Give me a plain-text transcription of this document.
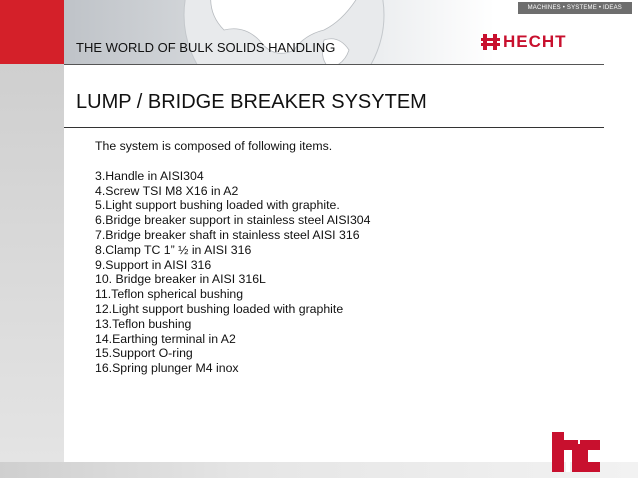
MACHINES • SYSTEME • IDEAS
THE WORLD OF BULK SOLIDS HANDLING	HECHT
LUMP / BRIDGE BREAKER SYSYTEM

The system is composed of following items.

3.Handle in AISI304
4.Screw TSI M8 X16 in A2
5.Light support bushing loaded with graphite.
6.Bridge breaker support in stainless steel AISI304
7.Bridge breaker shaft in stainless steel AISI 316
8.Clamp TC 1” ½ in AISI 316
9.Support in AISI 316
10. Bridge breaker in AISI 316L
11.Teflon spherical bushing
12.Light support bushing loaded with graphite
13.Teflon bushing
14.Earthing terminal in A2
15.Support O-ring
16.Spring plunger M4 inox
